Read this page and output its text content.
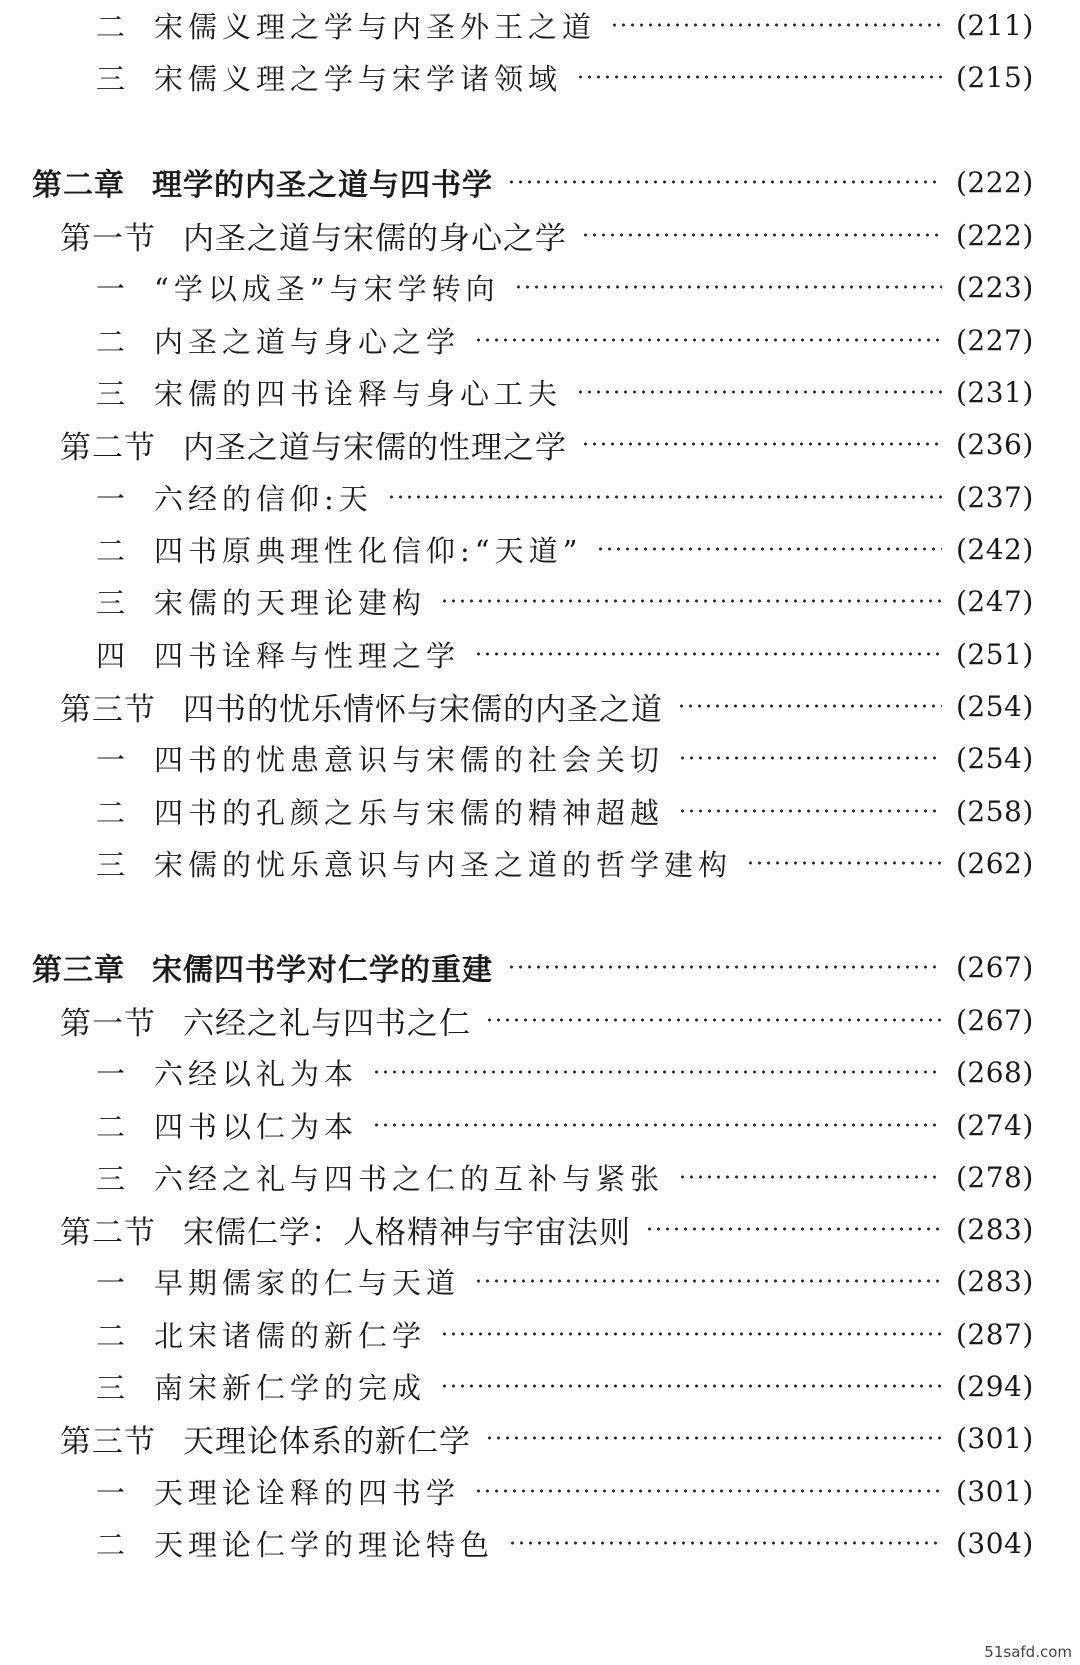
二 宋儒义理之学与内圣外王之道	(211)
三 宋儒义理之学与宋学诸领域	(215)
第二章 理学的内圣之道与四书学	(222)
第一节 内圣之道与宋儒的身心之学	(222)
一 “学以成圣”与宋学转向	(223)
二 内圣之道与身心之学	(227)
三 宋儒的四书诠释与身心工夫	(231)
第二节 内圣之道与宋儒的性理之学	(236)
一 六经的信仰:天	(237)
二 四书原典理性化信仰:“天道”	(242)
三 宋儒的天理论建构	(247)
四 四书诠释与性理之学	(251)
第三节 四书的忧乐情怀与宋儒的内圣之道	(254)
一 四书的忧患意识与宋儒的社会关切	(254)
二 四书的孔颜之乐与宋儒的精神超越	(258)
三 宋儒的忧乐意识与内圣之道的哲学建构	(262)
第三章 宋儒四书学对仁学的重建	(267)
第一节 六经之礼与四书之仁	(267)
一 六经以礼为本	(268)
二 四书以仁为本	(274)
三 六经之礼与四书之仁的互补与紧张	(278)
第二节 宋儒仁学：人格精神与宇宙法则	(283)
一 早期儒家的仁与天道	(283)
二 北宋诸儒的新仁学	(287)
三 南宋新仁学的完成	(294)
第三节 天理论体系的新仁学	(301)
一 天理论诠释的四书学	(301)
二 天理论仁学的理论特色	(304)
51safd.com
